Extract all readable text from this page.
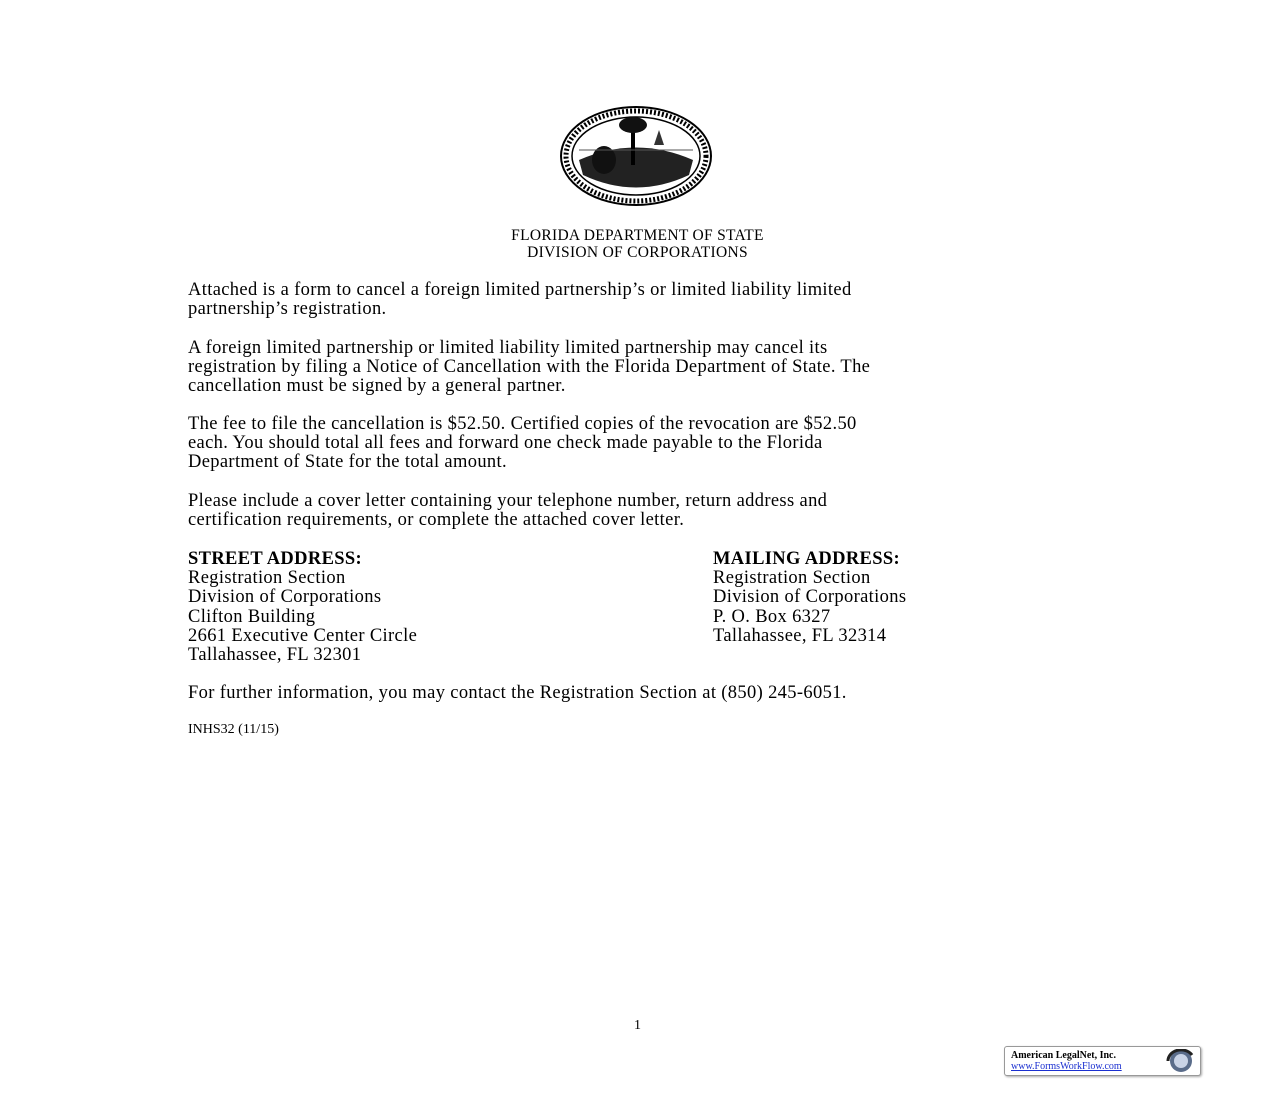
FLORIDA DEPARTMENT OF STATE
DIVISION OF CORPORATIONS
Attached is a form to cancel a foreign limited partnership’s or limited liability limited
partnership’s registration.
A foreign limited partnership or limited liability limited partnership may cancel its
registration by filing a Notice of Cancellation with the Florida Department of State. The
cancellation must be signed by a general partner.
The fee to file the cancellation is $52.50. Certified copies of the revocation are $52.50
each. You should total all fees and forward one check made payable to the Florida
Department of State for the total amount.
Please include a cover letter containing your telephone number, return address and
certification requirements, or complete the attached cover letter.
STREET ADDRESS:
Registration Section
Division of Corporations
Clifton Building
2661 Executive Center Circle
Tallahassee, FL 32301
MAILING ADDRESS:
Registration Section
Division of Corporations
P. O. Box 6327
Tallahassee, FL 32314
For further information, you may contact the Registration Section at (850) 245-6051.
INHS32 (11/15)
1
American LegalNet, Inc.
www.FormsWorkFlow.com
